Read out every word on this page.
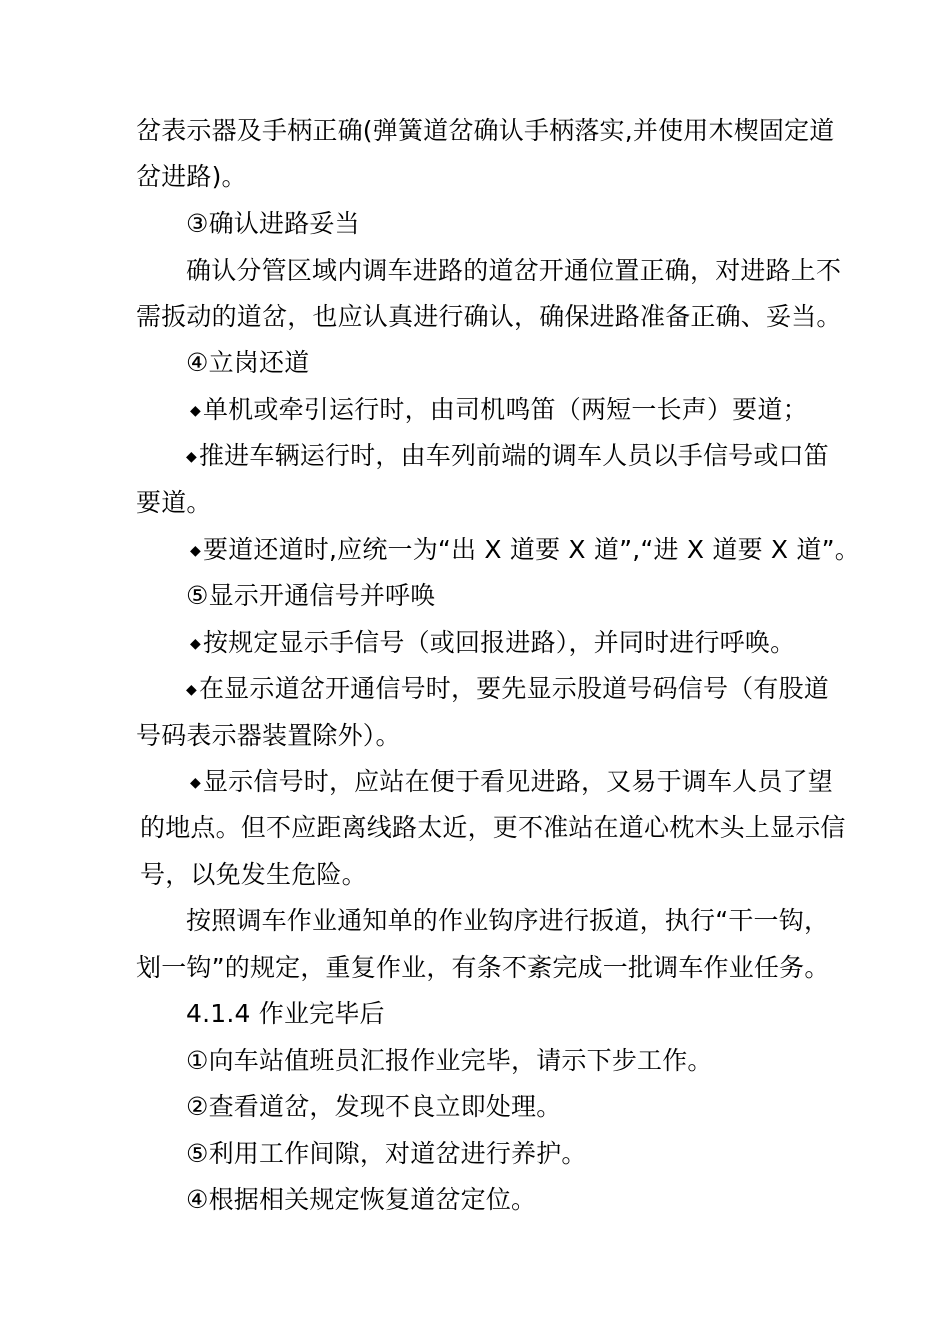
岔表示器及手柄正确(弹簧道岔确认手柄落实,并使用木楔固定道
岔进路)。
③确认进路妥当
确认分管区域内调车进路的道岔开通位置正确，对进路上不
需扳动的道岔，也应认真进行确认，确保进路准备正确、妥当。
④立岗还道
◆单机或牵引运行时，由司机鸣笛（两短一长声）要道；
◆推进车辆运行时，由车列前端的调车人员以手信号或口笛
要道。
◆要道还道时,应统一为“出 X 道要 X 道”,“进 X 道要 X 道”。
⑤显示开通信号并呼唤
◆按规定显示手信号（或回报进路），并同时进行呼唤。
◆在显示道岔开通信号时，要先显示股道号码信号（有股道
号码表示器装置除外）。
◆显示信号时，应站在便于看见进路，又易于调车人员了望
的地点。但不应距离线路太近，更不准站在道心枕木头上显示信
号，以免发生危险。
按照调车作业通知单的作业钩序进行扳道，执行“干一钩，
划一钩”的规定，重复作业，有条不紊完成一批调车作业任务。
4.1.4 作业完毕后
①向车站值班员汇报作业完毕，请示下步工作。
②查看道岔，发现不良立即处理。
⑤利用工作间隙，对道岔进行养护。
④根据相关规定恢复道岔定位。
